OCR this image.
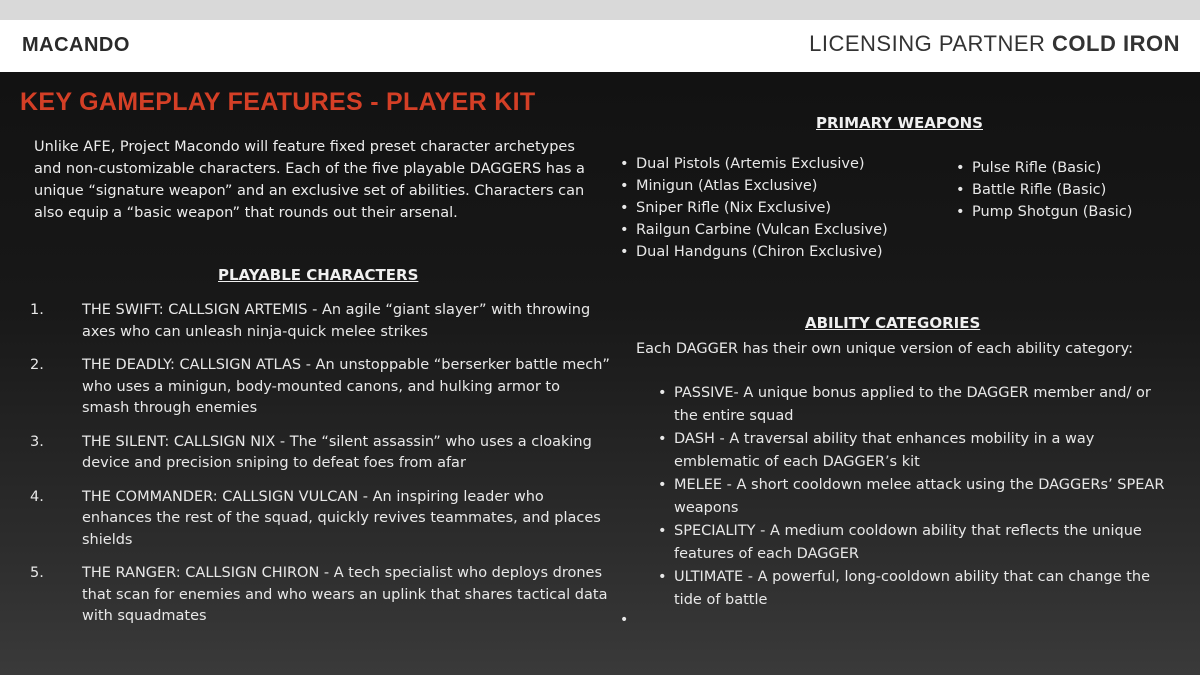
MACANDO	LICENSING PARTNER COLD IRON
KEY GAMEPLAY FEATURES - PLAYER KIT

Unlike AFE, Project Macondo will feature fixed preset character archetypes and non-customizable characters. Each of the five playable DAGGERS has a unique “signature weapon” and an exclusive set of abilities. Characters can also equip a “basic weapon” that rounds out their arsenal.

PLAYABLE CHARACTERS
1.	THE SWIFT: CALLSIGN ARTEMIS - An agile “giant slayer” with throwing axes who can unleash ninja-quick melee strikes
2.	THE DEADLY: CALLSIGN ATLAS - An unstoppable “berserker battle mech” who uses a minigun, body-mounted canons, and hulking armor to smash through enemies
3.	THE SILENT: CALLSIGN NIX - The “silent assassin” who uses a cloaking device and precision sniping to defeat foes from afar
4.	THE COMMANDER: CALLSIGN VULCAN - An inspiring leader who enhances the rest of the squad, quickly revives teammates, and places shields
5.	THE RANGER: CALLSIGN CHIRON - A tech specialist who deploys drones that scan for enemies and who wears an uplink that shares tactical data with squadmates
PRIMARY WEAPONS
• Dual Pistols (Artemis Exclusive)
• Minigun (Atlas Exclusive)
• Sniper Rifle (Nix Exclusive)
• Railgun Carbine (Vulcan Exclusive)
• Dual Handguns (Chiron Exclusive)
• Pulse Rifle (Basic)
• Battle Rifle (Basic)
• Pump Shotgun (Basic)
ABILITY CATEGORIES
Each DAGGER has their own unique version of each ability category:
• PASSIVE- A unique bonus applied to the DAGGER member and/ or the entire squad
• DASH - A traversal ability that enhances mobility in a way emblematic of each DAGGER’s kit
• MELEE - A short cooldown melee attack using the DAGGERs’ SPEAR weapons
• SPECIALITY - A medium cooldown ability that reflects the unique features of each DAGGER
• ULTIMATE - A powerful, long-cooldown ability that can change the tide of battle
•
